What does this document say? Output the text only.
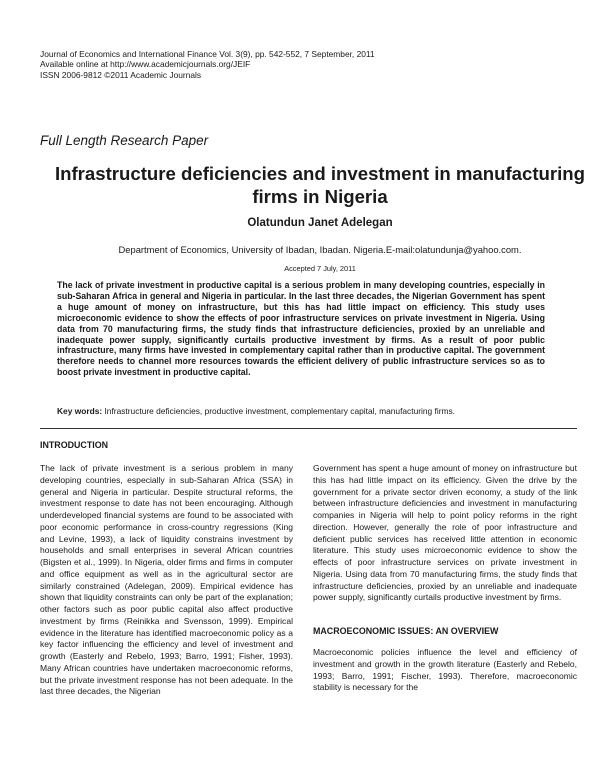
Journal of Economics and International Finance Vol. 3(9), pp. 542-552, 7 September, 2011
Available online at http://www.academicjournals.org/JEIF
ISSN 2006-9812 ©2011 Academic Journals
Full Length Research Paper
Infrastructure deficiencies and investment in manufacturing firms in Nigeria
Olatundun Janet Adelegan
Department of Economics, University of Ibadan, Ibadan. Nigeria.E-mail:olatundunja@yahoo.com.
Accepted 7 July, 2011
The lack of private investment in productive capital is a serious problem in many developing countries, especially in sub-Saharan Africa in general and Nigeria in particular. In the last three decades, the Nigerian Government has spent a huge amount of money on infrastructure, but this has had little impact on efficiency. This study uses microeconomic evidence to show the effects of poor infrastructure services on private investment in Nigeria. Using data from 70 manufacturing firms, the study finds that infrastructure deficiencies, proxied by an unreliable and inadequate power supply, significantly curtails productive investment by firms. As a result of poor public infrastructure, many firms have invested in complementary capital rather than in productive capital. The government therefore needs to channel more resources towards the efficient delivery of public infrastructure services so as to boost private investment in productive capital.
Key words: Infrastructure deficiencies, productive investment, complementary capital, manufacturing firms.
INTRODUCTION
The lack of private investment is a serious problem in many developing countries, especially in sub-Saharan Africa (SSA) in general and Nigeria in particular. Despite structural reforms, the investment response to date has not been encouraging. Although underdeveloped financial systems are found to be associated with poor economic performance in cross-country regressions (King and Levine, 1993), a lack of liquidity constrains investment by households and small enterprises in several African countries (Bigsten et al., 1999). In Nigeria, older firms and firms in computer and office equipment as well as in the agricultural sector are similarly constrained (Adelegan, 2009). Empirical evidence has shown that liquidity constraints can only be part of the explanation; other factors such as poor public capital also affect productive investment by firms (Reinikka and Svensson, 1999). Empirical evidence in the literature has identified macroeconomic policy as a key factor influencing the efficiency and level of investment and growth (Easterly and Rebelo, 1993; Barro, 1991; Fisher, 1993). Many African countries have undertaken macroeconomic reforms, but the private investment response has not been adequate. In the last three decades, the Nigerian
Government has spent a huge amount of money on infrastructure but this has had little impact on its efficiency. Given the drive by the government for a private sector driven economy, a study of the link between infrastructure deficiencies and investment in manufacturing companies in Nigeria will help to point policy reforms in the right direction. However, generally the role of poor infrastructure and deficient public services has received little attention in economic literature. This study uses microeconomic evidence to show the effects of poor infrastructure services on private investment in Nigeria. Using data from 70 manufacturing firms, the study finds that infrastructure deficiencies, proxied by an unreliable and inadequate power supply, significantly curtails productive investment by firms.
MACROECONOMIC ISSUES: AN OVERVIEW
Macroeconomic policies influence the level and efficiency of investment and growth in the growth literature (Easterly and Rebelo, 1993; Barro, 1991; Fischer, 1993). Therefore, macroeconomic stability is necessary for the
